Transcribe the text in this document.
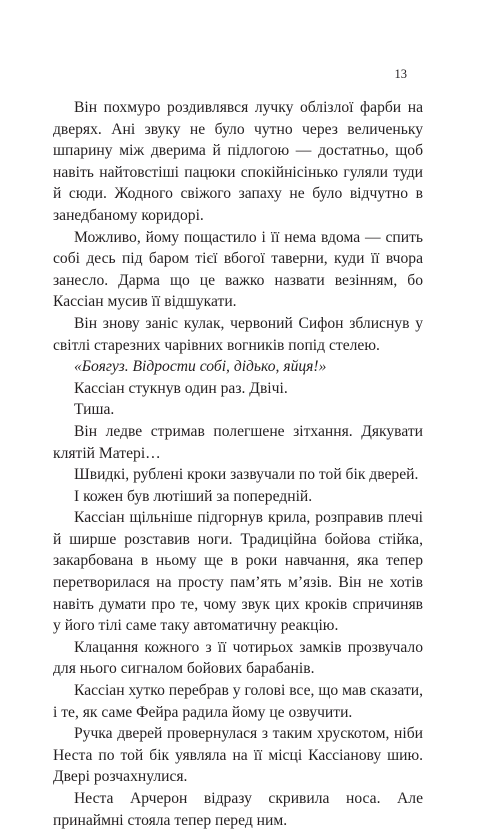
13

Він похмуро роздивлявся лучку облізлої фарби на дверях. Ані звуку не було чутно через величеньку шпарину між дверима й підлогою — достатньо, щоб навіть найтовстіші пацюки спокійнісінько гуляли туди й сюди. Жодного свіжого запаху не було відчутно в занедбаному коридорі.

Можливо, йому пощастило і її нема вдома — спить собі десь під баром тієї вбогої таверни, куди її вчора занесло. Дарма що це важко назвати везінням, бо Кассіан мусив її відшукати.

Він знову заніс кулак, червоний Сифон зблиснув у світлі старезних чарівних вогників попід стелею.

«Боягуз. Відрости собі, дідько, яйця!»

Кассіан стукнув один раз. Двічі.

Тиша.

Він ледве стримав полегшене зітхання. Дякувати клятій Матері…

Швидкі, рублені кроки зазвучали по той бік дверей.

І кожен був лютіший за попередній.

Кассіан щільніше підгорнув крила, розправив плечі й ширше розставив ноги. Традиційна бойова стійка, закарбована в ньому ще в роки навчання, яка тепер перетворилася на просту пам’ять м’язів. Він не хотів навіть думати про те, чому звук цих кроків спричиняв у його тілі саме таку автоматичну реакцію.

Клацання кожного з її чотирьох замків прозвучало для нього сигналом бойових барабанів.

Кассіан хутко перебрав у голові все, що мав сказати, і те, як саме Фейра радила йому це озвучити.

Ручка дверей провернулася з таким хрускотом, ніби Неста по той бік уявляла на її місці Кассіанову шию. Двері розчахнулися.

Неста Арчерон відразу скривила носа. Але принаймні стояла тепер перед ним.
